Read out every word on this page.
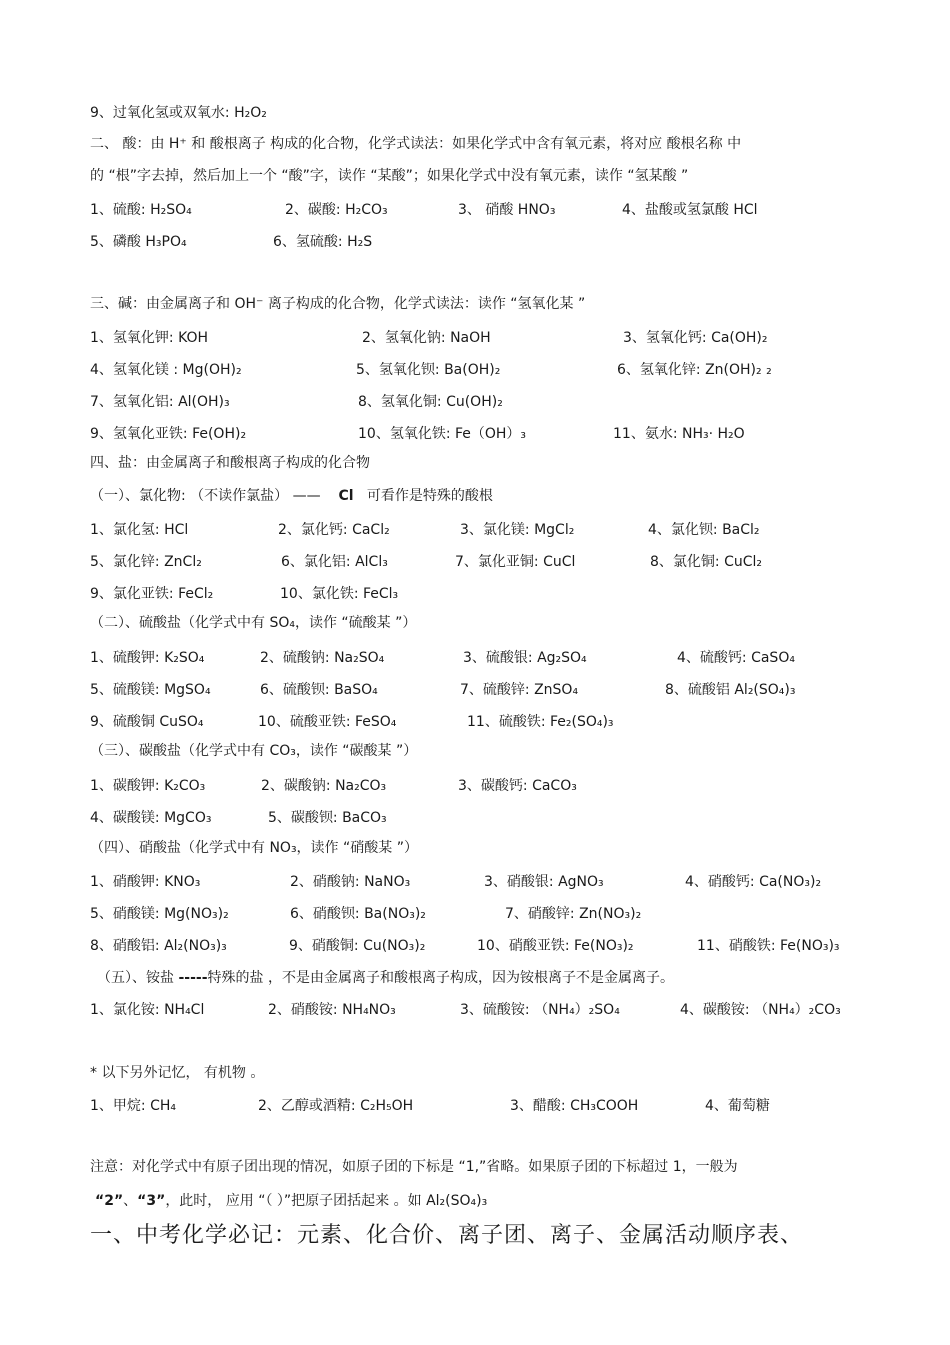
9、过氧化氢或双氧水: H₂O₂
二、 酸：由 H⁺ 和 酸根离子 构成的化合物，化学式读法：如果化学式中含有氧元素，将对应 酸根名称 中
的 “根”字去掉，然后加上一个 “酸”字，读作 “某酸”；如果化学式中没有氧元素，读作 “氢某酸 ”
1、硫酸: H₂SO₄	2、碳酸: H₂CO₃	3、 硝酸 HNO₃	4、盐酸或氢氯酸 HCl
5、磷酸 H₃PO₄	6、氢硫酸: H₂S
三、碱：由金属离子和 OH⁻ 离子构成的化合物，化学式读法：读作 “氢氧化某 ”
1、氢氧化钾: KOH	2、氢氧化钠: NaOH	3、氢氧化钙: Ca(OH)₂
4、氢氧化镁 : Mg(OH)₂	5、氢氧化钡: Ba(OH)₂	6、氢氧化锌: Zn(OH)₂ ₂
7、氢氧化铝: Al(OH)₃	8、氢氧化铜: Cu(OH)₂
9、氢氧化亚铁: Fe(OH)₂	10、氢氧化铁: Fe（OH）₃	11、氨水: NH₃· H₂O
四、盐：由金属离子和酸根离子构成的化合物
（一）、氯化物: （不读作氯盐） —— Cl 可看作是特殊的酸根
1、氯化氢: HCl	2、氯化钙: CaCl₂	3、氯化镁: MgCl₂	4、氯化钡: BaCl₂
5、氯化锌: ZnCl₂	6、氯化铝: AlCl₃	7、氯化亚铜: CuCl	8、氯化铜: CuCl₂
9、氯化亚铁: FeCl₂	10、氯化铁: FeCl₃
（二）、硫酸盐（化学式中有 SO₄，读作 “硫酸某 ”）
1、硫酸钾: K₂SO₄	2、硫酸钠: Na₂SO₄	3、硫酸银: Ag₂SO₄	4、硫酸钙: CaSO₄
5、硫酸镁: MgSO₄	6、硫酸钡: BaSO₄	7、硫酸锌: ZnSO₄	8、硫酸铝 Al₂(SO₄)₃
9、硫酸铜 CuSO₄	10、硫酸亚铁: FeSO₄	11、硫酸铁: Fe₂(SO₄)₃
（三）、碳酸盐（化学式中有 CO₃，读作 “碳酸某 ”）
1、碳酸钾: K₂CO₃	2、碳酸钠: Na₂CO₃	3、碳酸钙: CaCO₃
4、碳酸镁: MgCO₃	5、碳酸钡: BaCO₃
（四）、硝酸盐（化学式中有 NO₃，读作 “硝酸某 ”）
1、硝酸钾: KNO₃	2、硝酸钠: NaNO₃	3、硝酸银: AgNO₃	4、硝酸钙: Ca(NO₃)₂
5、硝酸镁: Mg(NO₃)₂	6、硝酸钡: Ba(NO₃)₂	7、硝酸锌: Zn(NO₃)₂
8、硝酸铝: Al₂(NO₃)₃	9、硝酸铜: Cu(NO₃)₂	10、硝酸亚铁: Fe(NO₃)₂	11、硝酸铁: Fe(NO₃)₃
（五）、铵盐 -----特殊的盐 ，不是由金属离子和酸根离子构成，因为铵根离子不是金属离子。
1、氯化铵: NH₄Cl	2、硝酸铵: NH₄NO₃	3、硫酸铵: （NH₄）₂SO₄	4、碳酸铵: （NH₄）₂CO₃
* 以下另外记忆， 有机物 。
1、甲烷: CH₄	2、乙醇或酒精: C₂H₅OH	3、醋酸: CH₃COOH	4、葡萄糖
注意：对化学式中有原子团出现的情况，如原子团的下标是 “1,”省略。如果原子团的下标超过 1，一般为
“2”、“3”，此时， 应用 “（ ）”把原子团括起来 。如 Al₂(SO₄)₃
一、中考化学必记：元素、化合价、离子团、离子、金属活动顺序表、
